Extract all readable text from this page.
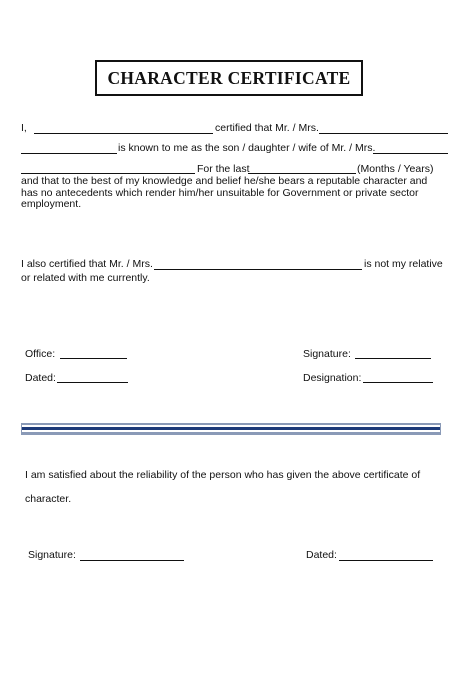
CHARACTER CERTIFICATE
I,	certified that Mr. / Mrs.
is known to me as the son / daughter / wife of Mr. / Mrs.
For the last	(Months / Years)
and that to the best of my knowledge and belief he/she bears a reputable character and has no antecedents which render him/her unsuitable for Government or private sector employment.
I also certified that Mr. / Mrs.	is not my relative
or related with me currently.
Office:	Signature:
Dated:	Designation:
I am satisfied about the reliability of the person who has given the above certificate of
character.
Signature:	Dated:
